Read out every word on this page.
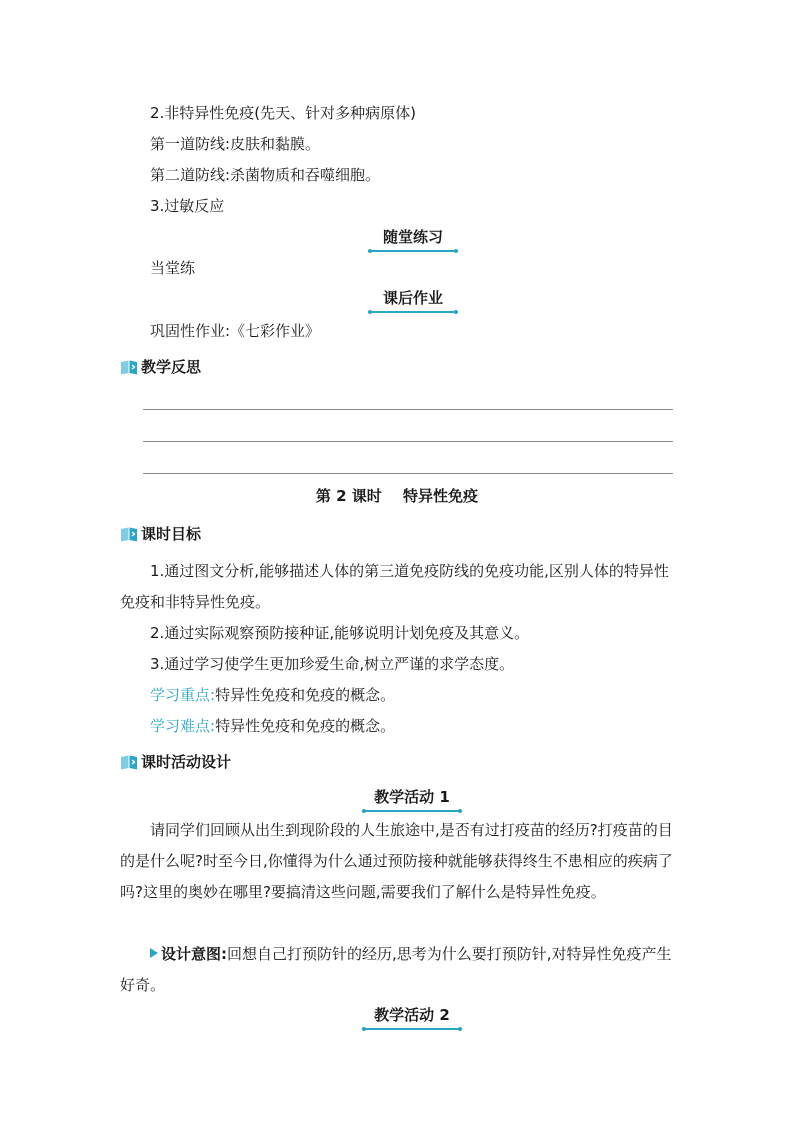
2.非特异性免疫(先天、针对多种病原体)

第一道防线:皮肤和黏膜。

第二道防线:杀菌物质和吞噬细胞。

3.过敏反应

随堂练习

当堂练

课后作业

巩固性作业:《七彩作业》

教学反思
第 2 课时 特异性免疫
课时目标

1.通过图文分析,能够描述人体的第三道免疫防线的免疫功能,区别人体的特异性免疫和非特异性免疫。

2.通过实际观察预防接种证,能够说明计划免疫及其意义。

3.通过学习使学生更加珍爱生命,树立严谨的求学态度。

学习重点:特异性免疫和免疫的概念。

学习难点:特异性免疫和免疫的概念。

课时活动设计
教学活动 1

请同学们回顾从出生到现阶段的人生旅途中,是否有过打疫苗的经历?打疫苗的目的是什么呢?时至今日,你懂得为什么通过预防接种就能够获得终生不患相应的疾病了吗?这里的奥妙在哪里?要搞清这些问题,需要我们了解什么是特异性免疫。

设计意图:回想自己打预防针的经历,思考为什么要打预防针,对特异性免疫产生好奇。

教学活动 2
